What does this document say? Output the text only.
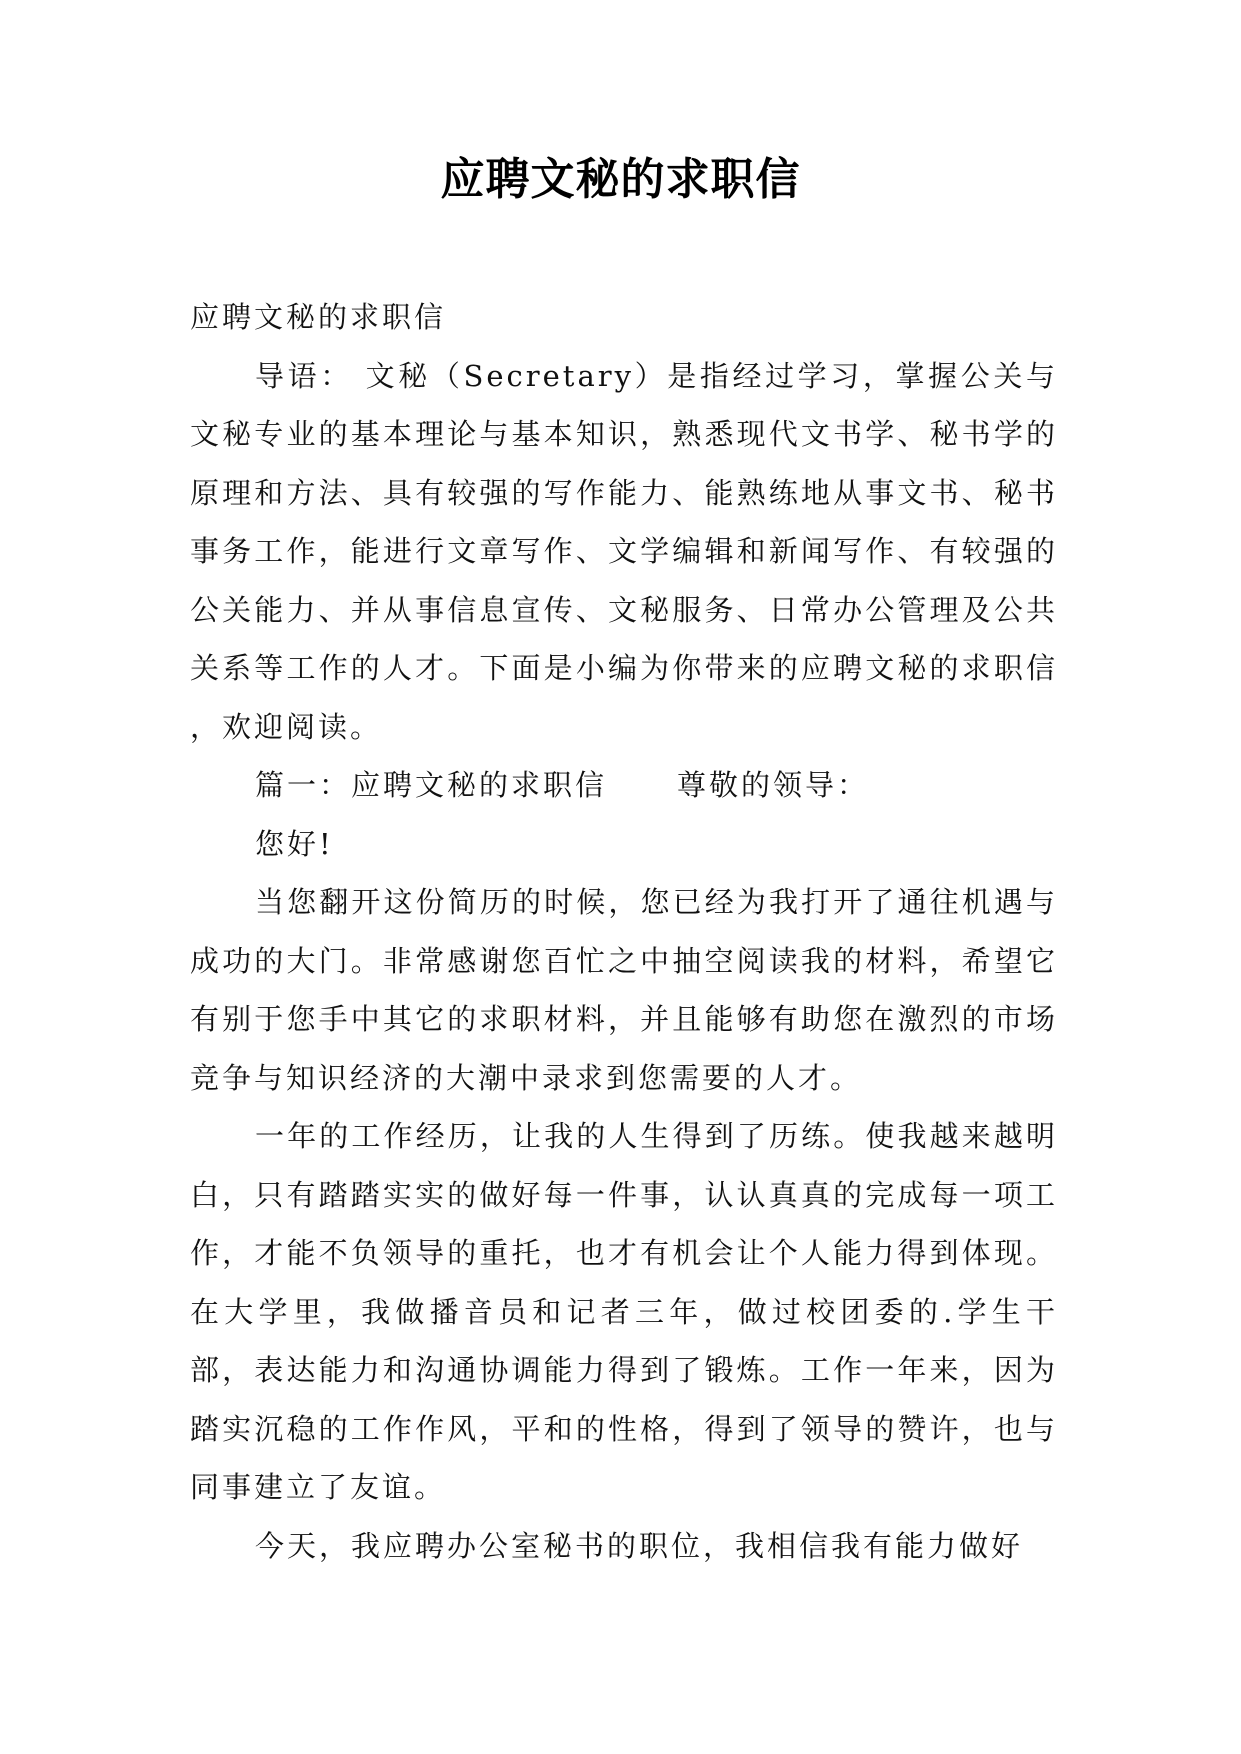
应聘文秘的求职信

应聘文秘的求职信

导语： 文秘（Secretary）是指经过学习，掌握公关与文秘专业的基本理论与基本知识，熟悉现代文书学、秘书学的原理和方法、具有较强的写作能力、能熟练地从事文书、秘书事务工作，能进行文章写作、文学编辑和新闻写作、有较强的公关能力、并从事信息宣传、文秘服务、日常办公管理及公共关系等工作的人才。下面是小编为你带来的应聘文秘的求职信 ，欢迎阅读。

篇一：应聘文秘的求职信 尊敬的领导：

您好!

当您翻开这份简历的时候，您已经为我打开了通往机遇与成功的大门。非常感谢您百忙之中抽空阅读我的材料，希望它有别于您手中其它的求职材料，并且能够有助您在激烈的市场竞争与知识经济的大潮中录求到您需要的人才。

一年的工作经历，让我的人生得到了历练。使我越来越明白，只有踏踏实实的做好每一件事，认认真真的完成每一项工作，才能不负领导的重托，也才有机会让个人能力得到体现。在大学里，我做播音员和记者三年，做过校团委的.学生干部，表达能力和沟通协调能力得到了锻炼。工作一年来，因为踏实沉稳的工作作风，平和的性格，得到了领导的赞许，也与同事建立了友谊。

今天，我应聘办公室秘书的职位，我相信我有能力做好
